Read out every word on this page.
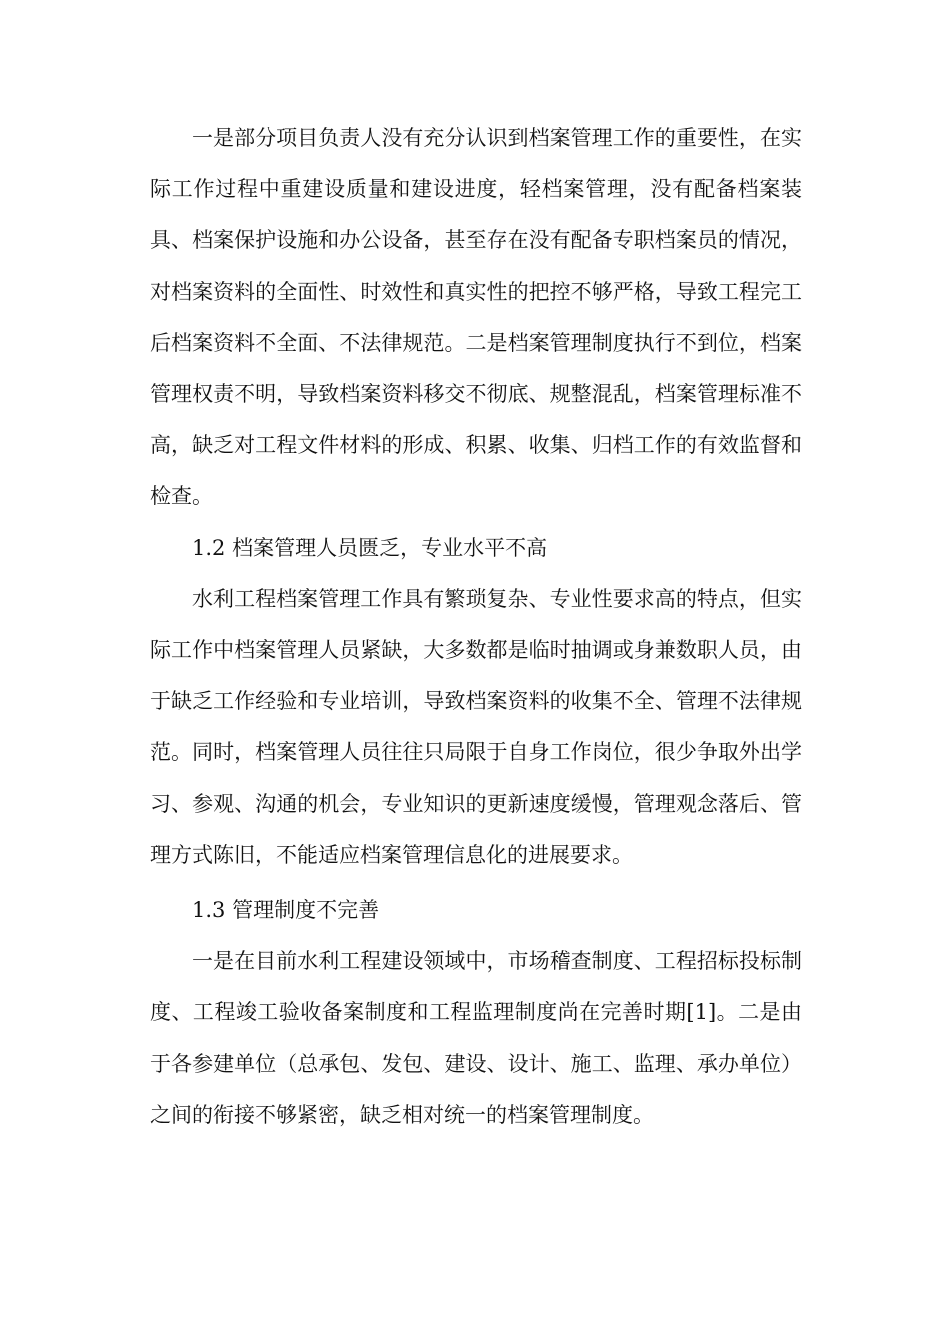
一是部分项目负责人没有充分认识到档案管理工作的重要性，在实际工作过程中重建设质量和建设进度，轻档案管理，没有配备档案装具、档案保护设施和办公设备，甚至存在没有配备专职档案员的情况，对档案资料的全面性、时效性和真实性的把控不够严格，导致工程完工后档案资料不全面、不法律规范。二是档案管理制度执行不到位，档案管理权责不明，导致档案资料移交不彻底、规整混乱，档案管理标准不高，缺乏对工程文件材料的形成、积累、收集、归档工作的有效监督和检查。

1.2 档案管理人员匮乏，专业水平不高

水利工程档案管理工作具有繁琐复杂、专业性要求高的特点，但实际工作中档案管理人员紧缺，大多数都是临时抽调或身兼数职人员，由于缺乏工作经验和专业培训，导致档案资料的收集不全、管理不法律规范。同时，档案管理人员往往只局限于自身工作岗位，很少争取外出学习、参观、沟通的机会，专业知识的更新速度缓慢，管理观念落后、管理方式陈旧，不能适应档案管理信息化的进展要求。

1.3 管理制度不完善

一是在目前水利工程建设领域中，市场稽查制度、工程招标投标制度、工程竣工验收备案制度和工程监理制度尚在完善时期[1]。二是由于各参建单位（总承包、发包、建设、设计、施工、监理、承办单位）之间的衔接不够紧密，缺乏相对统一的档案管理制度。
